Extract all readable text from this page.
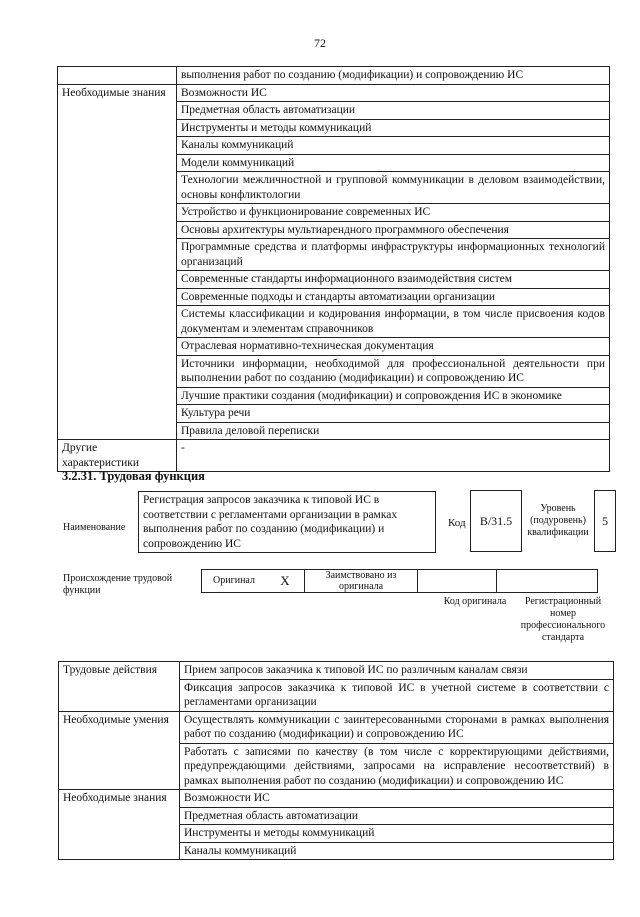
72
	выполнения работ по созданию (модификации) и сопровождению ИС
Необходимые знания	Возможности ИС
	Предметная область автоматизации
	Инструменты и методы коммуникаций
	Каналы коммуникаций
	Модели коммуникаций
	Технологии межличностной и групповой коммуникации в деловом взаимодействии, основы конфликтологии
	Устройство и функционирование современных ИС
	Основы архитектуры мультиарендного программного обеспечения
	Программные средства и платформы инфраструктуры информационных технологий организаций
	Современные стандарты информационного взаимодействия систем
	Современные подходы и стандарты автоматизации организации
	Системы классификации и кодирования информации, в том числе присвоения кодов документам и элементам справочников
	Отраслевая нормативно-техническая документация
	Источники информации, необходимой для профессиональной деятельности при выполнении работ по созданию (модификации) и сопровождению ИС
	Лучшие практики создания (модификации) и сопровождения ИС в экономике
	Культура речи
	Правила деловой переписки
Другие характеристики	-
3.2.31. Трудовая функция
Наименование
Регистрация запросов заказчика к типовой ИС в соответствии с регламентами организации в рамках выполнения работ по созданию (модификации) и сопровождению ИС
Код	B/31.5
Уровень (подуровень) квалификации
5
Происхождение трудовой функции
Оригинал	X	Заимствовано из оригинала		
Код оригинала	Регистрационный номер профессионального стандарта
Трудовые действия	Прием запросов заказчика к типовой ИС по различным каналам связи
	Фиксация запросов заказчика к типовой ИС в учетной системе в соответствии с регламентами организации
Необходимые умения	Осуществлять коммуникации с заинтересованными сторонами в рамках выполнения работ по созданию (модификации) и сопровождению ИС
	Работать с записями по качеству (в том числе с корректирующими действиями, предупреждающими действиями, запросами на исправление несоответствий) в рамках выполнения работ по созданию (модификации) и сопровождению ИС
Необходимые знания	Возможности ИС
	Предметная область автоматизации
	Инструменты и методы коммуникаций
	Каналы коммуникаций
